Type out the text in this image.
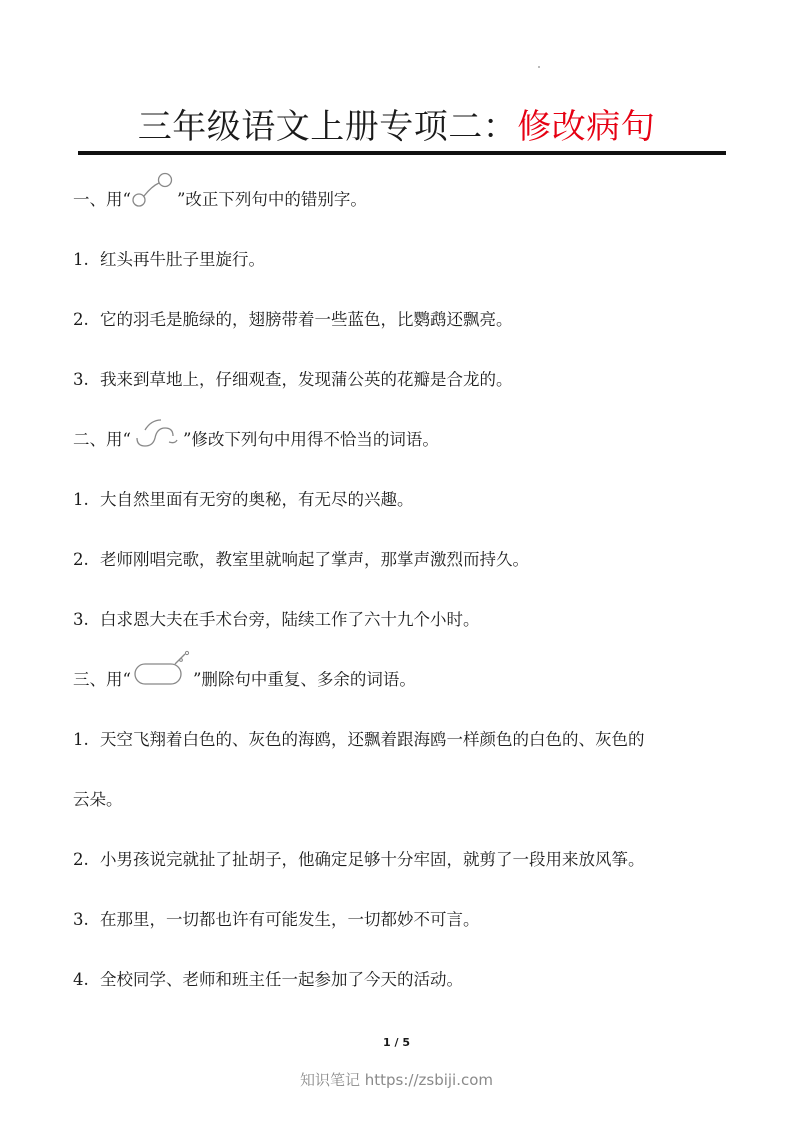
三年级语文上册专项二：修改病句
一、用“	”改正下列句中的错别字。
1. 红头再牛肚子里旋行。
2. 它的羽毛是脆绿的，翅膀带着一些蓝色，比鹦鹉还飘亮。
3. 我来到草地上，仔细观查，发现蒲公英的花瓣是合龙的。
二、用“	”修改下列句中用得不恰当的词语。
1. 大自然里面有无穷的奥秘，有无尽的兴趣。
2. 老师刚唱完歌，教室里就响起了掌声，那掌声激烈而持久。
3. 白求恩大夫在手术台旁，陆续工作了六十九个小时。
三、用“	”删除句中重复、多余的词语。
1. 天空飞翔着白色的、灰色的海鸥，还飘着跟海鸥一样颜色的白色的、灰色的
云朵。
2. 小男孩说完就扯了扯胡子，他确定足够十分牢固，就剪了一段用来放风筝。
3. 在那里，一切都也许有可能发生，一切都妙不可言。
4. 全校同学、老师和班主任一起参加了今天的活动。
1 / 5
知识笔记 https://zsbiji.com
